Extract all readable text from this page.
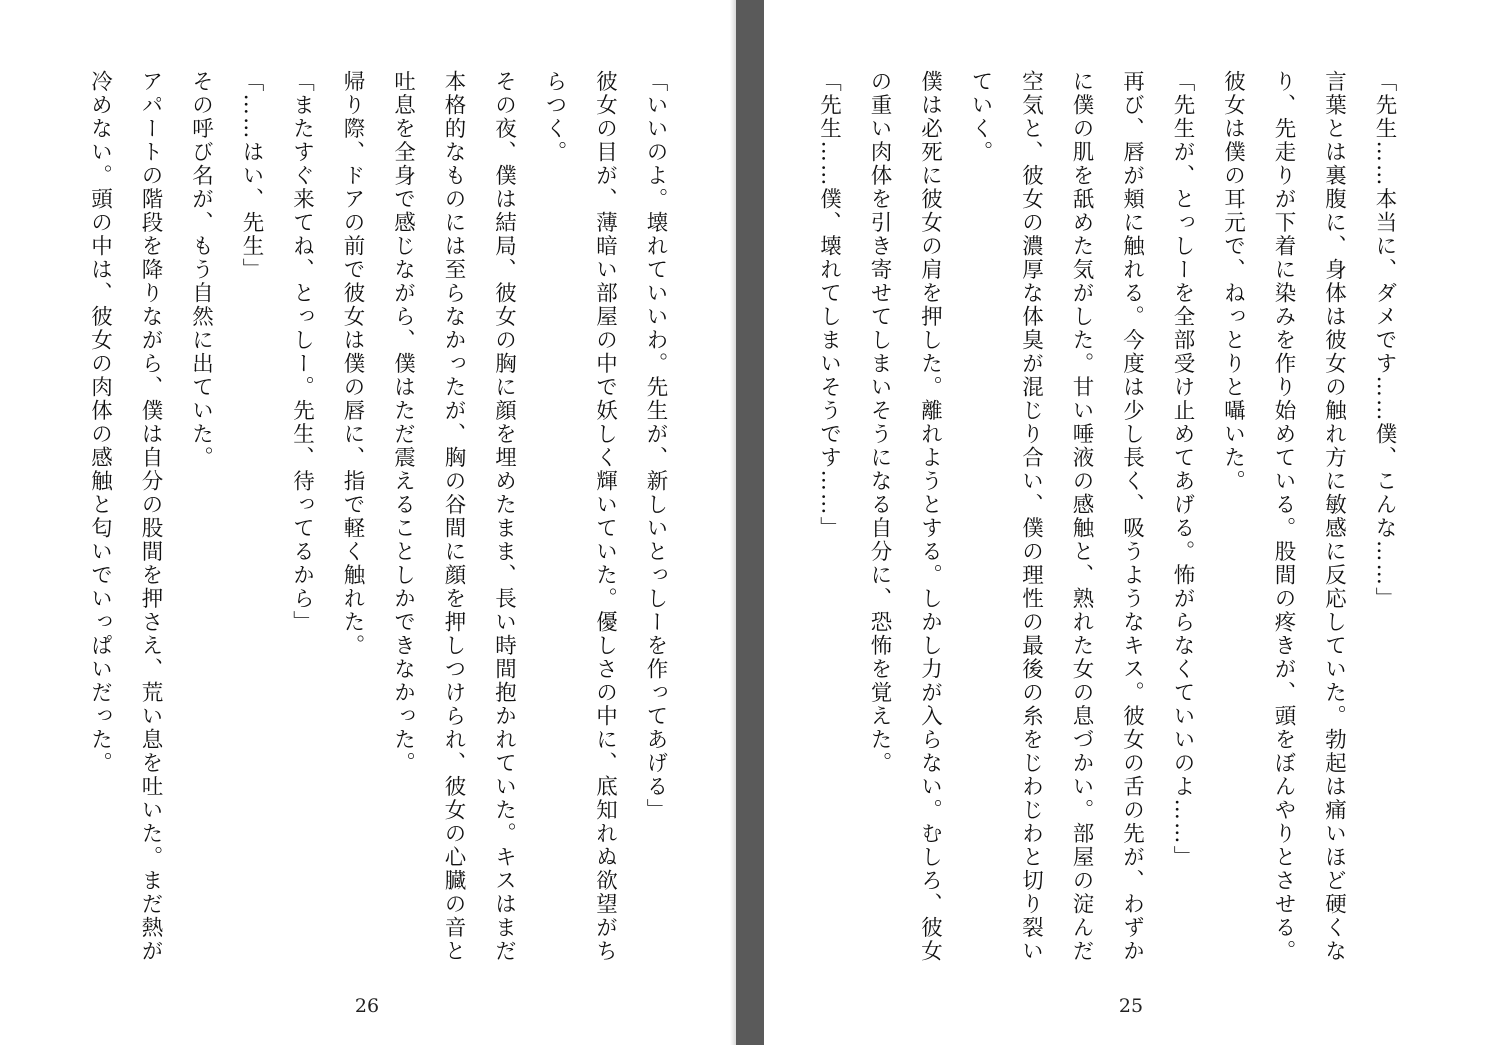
「いいのよ。壊れていいわ。先生が、新しいとっしーを作ってあげる」

彼女の目が、薄暗い部屋の中で妖しく輝いていた。優しさの中に、底知れぬ欲望がちらつく。

その夜、僕は結局、彼女の胸に顔を埋めたまま、長い時間抱かれていた。キスはまだ本格的なものには至らなかったが、胸の谷間に顔を押しつけられ、彼女の心臓の音と吐息を全身で感じながら、僕はただ震えることしかできなかった。

帰り際、ドアの前で彼女は僕の唇に、指で軽く触れた。

「またすぐ来てね、とっしー。先生、待ってるから」

「……はい、先生」

その呼び名が、もう自然に出ていた。

アパートの階段を降りながら、僕は自分の股間を押さえ、荒い息を吐いた。まだ熱が冷めない。頭の中は、彼女の肉体の感触と匂いでいっぱいだった。

26

「先生……本当に、ダメです……僕、こんな……」

言葉とは裏腹に、身体は彼女の触れ方に敏感に反応していた。勃起は痛いほど硬くなり、先走りが下着に染みを作り始めている。股間の疼きが、頭をぼんやりとさせる。

彼女は僕の耳元で、ねっとりと囁いた。

「先生が、とっしーを全部受け止めてあげる。怖がらなくていいのよ……」

再び、唇が頬に触れる。今度は少し長く、吸うようなキス。彼女の舌の先が、わずかに僕の肌を舐めた気がした。甘い唾液の感触と、熟れた女の息づかい。部屋の淀んだ空気と、彼女の濃厚な体臭が混じり合い、僕の理性の最後の糸をじわじわと切り裂いていく。

僕は必死に彼女の肩を押した。離れようとする。しかし力が入らない。むしろ、彼女の重い肉体を引き寄せてしまいそうになる自分に、恐怖を覚えた。

「先生……僕、壊れてしまいそうです……」

25
